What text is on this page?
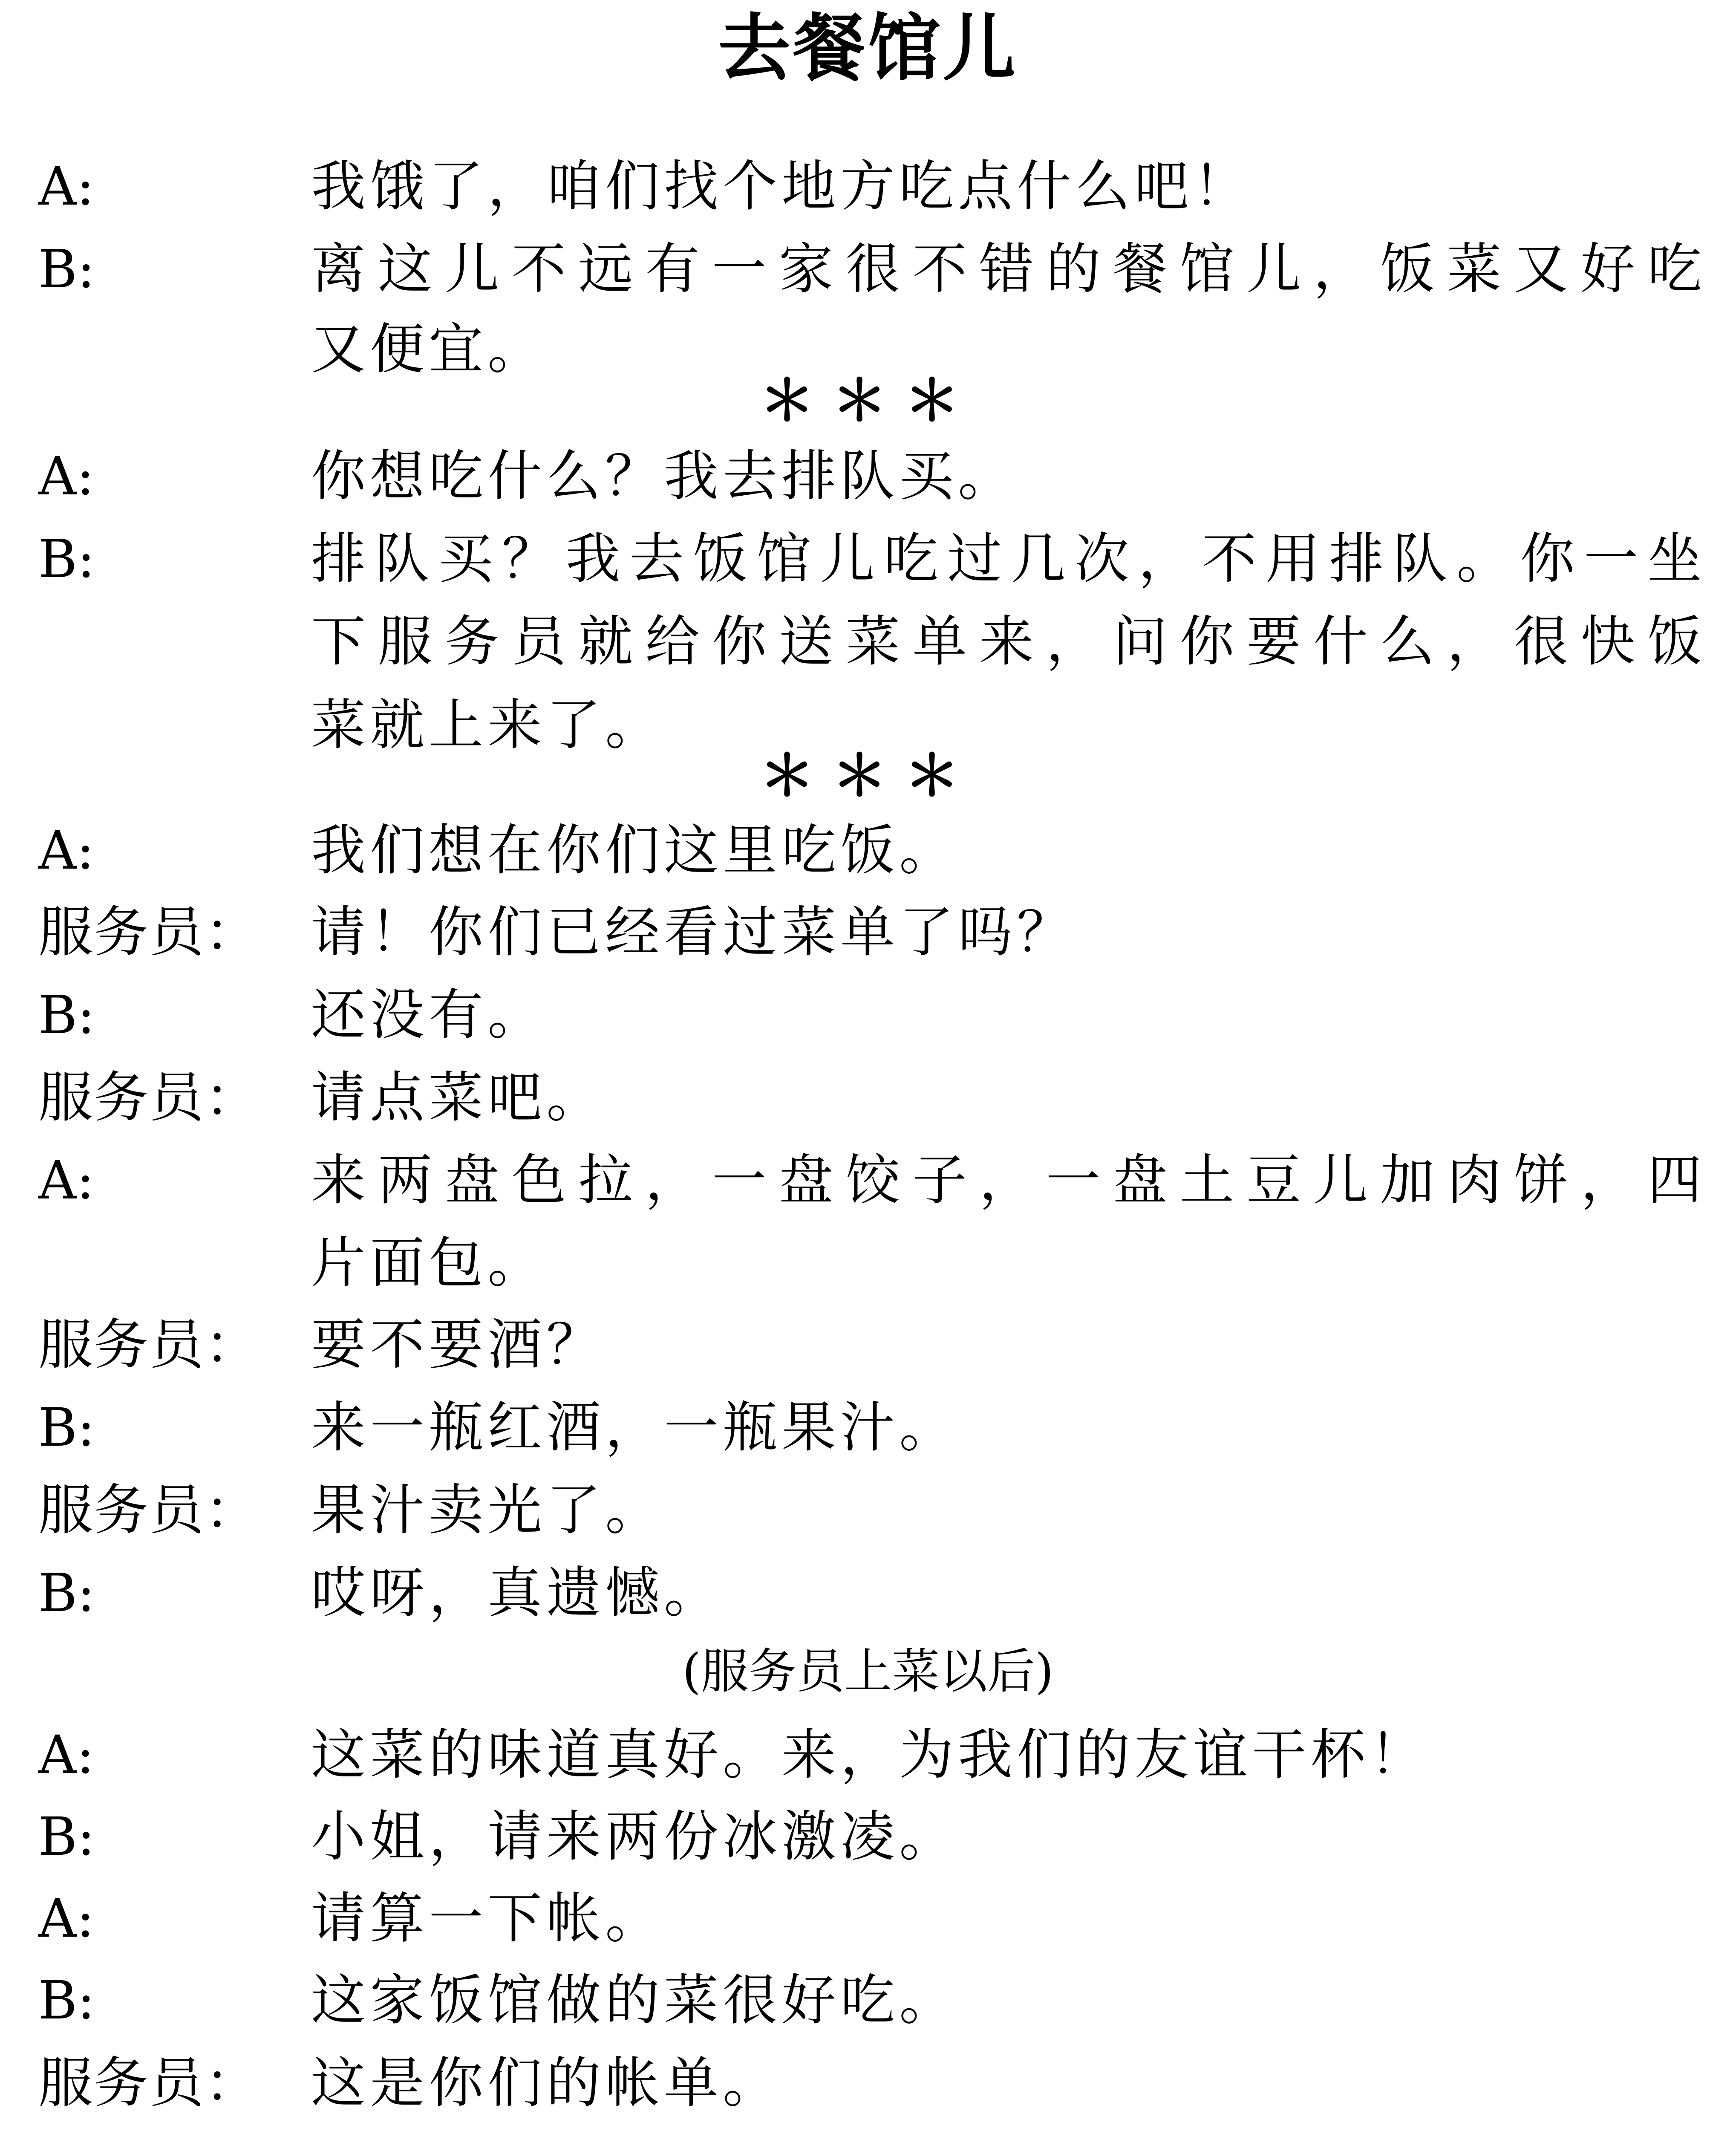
去餐馆儿
A:	我饿了，咱们找个地方吃点什么吧！
B:	离这儿不远有一家很不错的餐馆儿，饭菜又好吃
又便宜。
＊＊＊
A:	你想吃什么？我去排队买。
B:	排队买？我去饭馆儿吃过几次，不用排队。你一坐
下服务员就给你送菜单来，问你要什么，很快饭
菜就上来了。
＊＊＊
A:	我们想在你们这里吃饭。
服务员： 请！你们已经看过菜单了吗？
B:	还没有。
服务员： 请点菜吧。
A:	来两盘色拉，一盘饺子，一盘土豆儿加肉饼，四
片面包。
服务员： 要不要酒？
B:	来一瓶红酒，一瓶果汁。
服务员： 果汁卖光了。
B:	哎呀，真遗憾。
(服务员上菜以后)
A:	这菜的味道真好。来，为我们的友谊干杯！
B:	小姐，请来两份冰激凌。
A:	请算一下帐。
B:	这家饭馆做的菜很好吃。
服务员： 这是你们的帐单。
